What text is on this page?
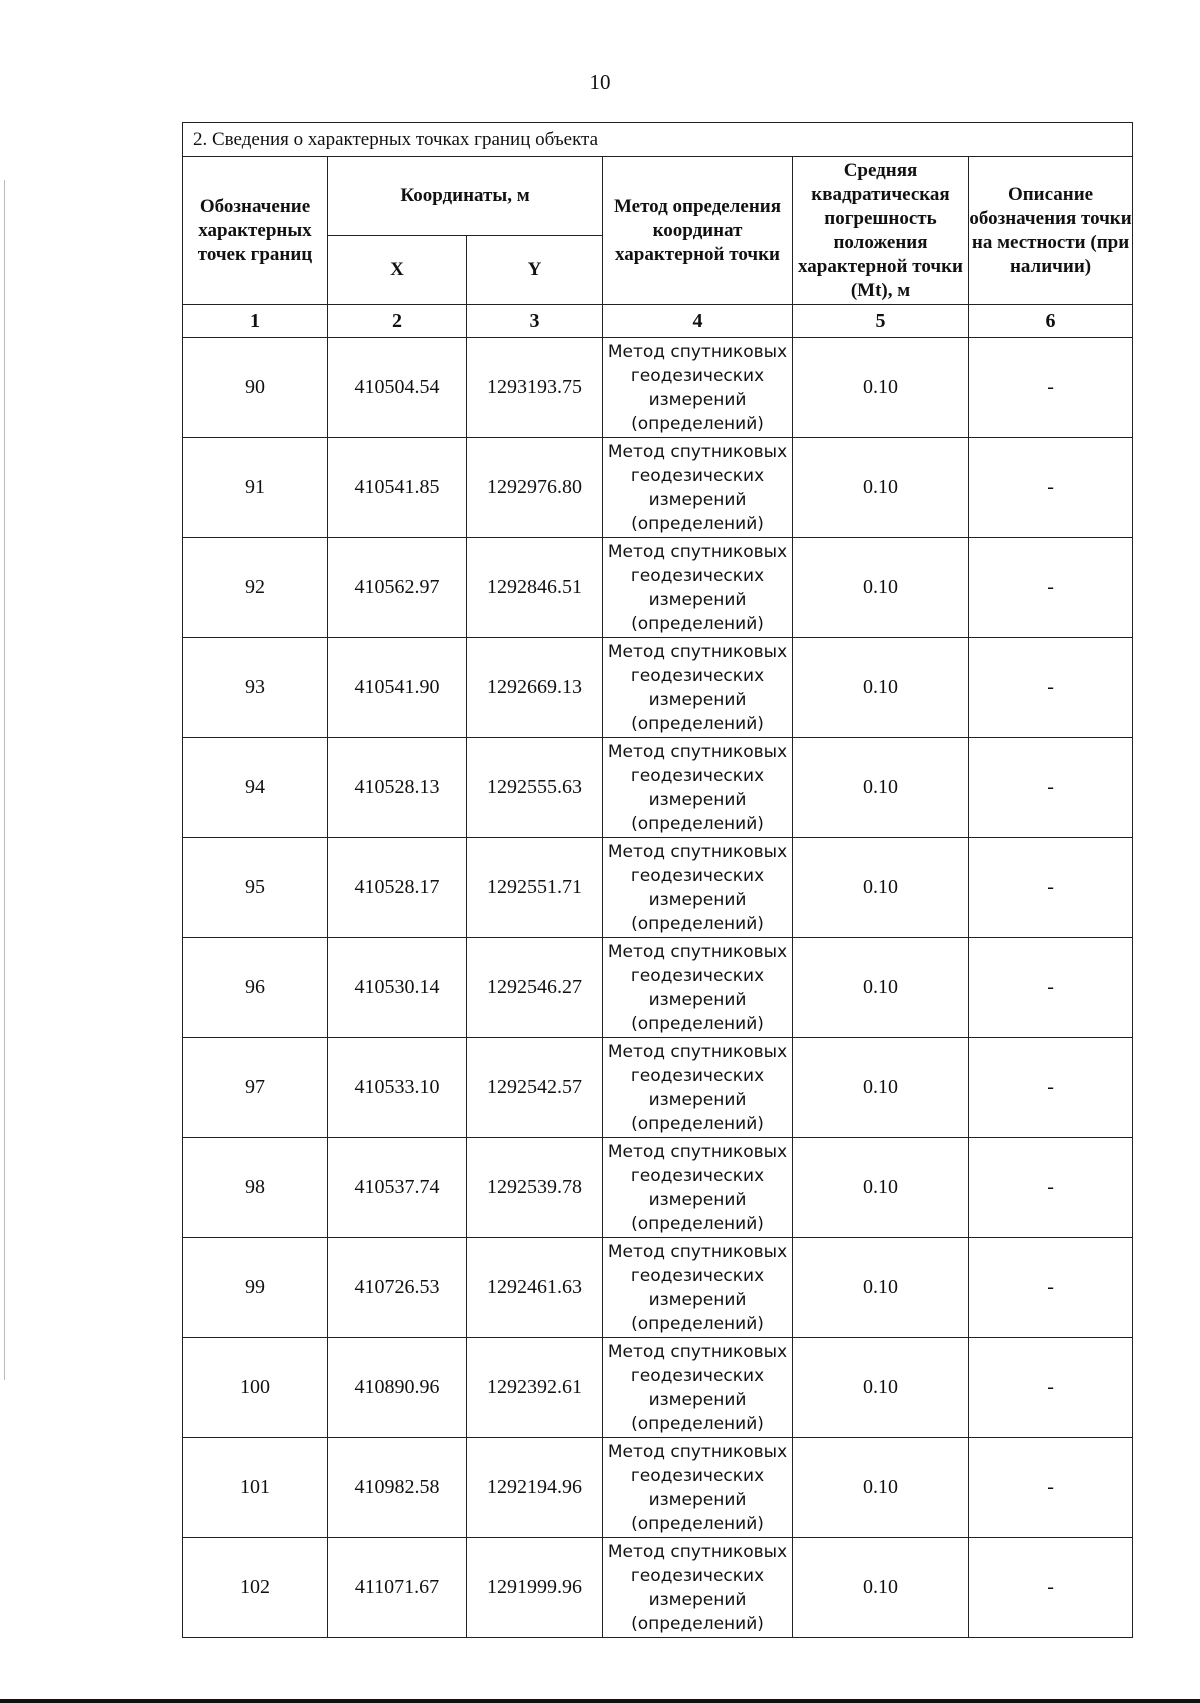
10
2. Сведения о характерных точках границ объекта					
Обозначение характерных точек границ	Координаты, м		Метод определения координат характерной точки	Средняя квадратическая погрешность положения характерной точки (Mt), м	Описание обозначения точки на местности (при наличии)
	X	Y			
1	2	3	4	5	6
90	410504.54	1293193.75	Метод спутниковых геодезических измерений (определений)	0.10	-
91	410541.85	1292976.80	Метод спутниковых геодезических измерений (определений)	0.10	-
92	410562.97	1292846.51	Метод спутниковых геодезических измерений (определений)	0.10	-
93	410541.90	1292669.13	Метод спутниковых геодезических измерений (определений)	0.10	-
94	410528.13	1292555.63	Метод спутниковых геодезических измерений (определений)	0.10	-
95	410528.17	1292551.71	Метод спутниковых геодезических измерений (определений)	0.10	-
96	410530.14	1292546.27	Метод спутниковых геодезических измерений (определений)	0.10	-
97	410533.10	1292542.57	Метод спутниковых геодезических измерений (определений)	0.10	-
98	410537.74	1292539.78	Метод спутниковых геодезических измерений (определений)	0.10	-
99	410726.53	1292461.63	Метод спутниковых геодезических измерений (определений)	0.10	-
100	410890.96	1292392.61	Метод спутниковых геодезических измерений (определений)	0.10	-
101	410982.58	1292194.96	Метод спутниковых геодезических измерений (определений)	0.10	-
102	411071.67	1291999.96	Метод спутниковых геодезических измерений (определений)	0.10	-
